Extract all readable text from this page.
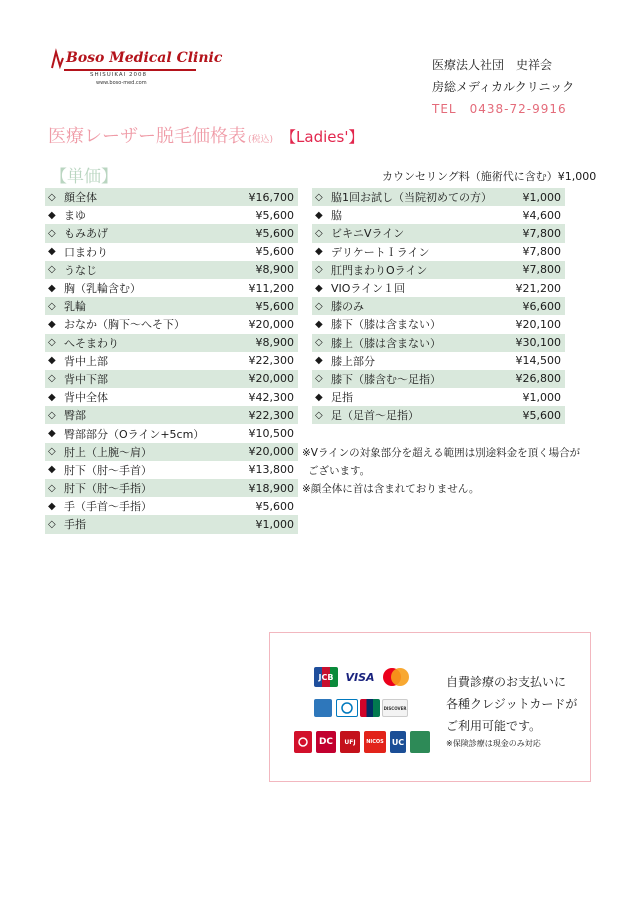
Boso Medical Clinic
SHISUIKAI 2008
www.boso-med.com
医療法人社団　史祥会
房総メディカルクリニック
TEL　0438-72-9916
医療レーザー脱毛価格表 (税込) 【Ladies'】
【単価】	カウンセリング料（施術代に含む）¥1,000
◇ 顔全体	¥16,700
◆ まゆ	¥5,600
◇ もみあげ	¥5,600
◆ 口まわり	¥5,600
◇ うなじ	¥8,900
◆ 胸（乳輪含む）	¥11,200
◇ 乳輪	¥5,600
◆ おなか（胸下～へそ下）	¥20,000
◇ へそまわり	¥8,900
◆ 背中上部	¥22,300
◇ 背中下部	¥20,000
◆ 背中全体	¥42,300
◇ 臀部	¥22,300
◆ 臀部部分（Oライン+5cm）	¥10,500
◇ 肘上（上腕～肩）	¥20,000
◆ 肘下（肘～手首）	¥13,800
◇ 肘下（肘～手指）	¥18,900
◆ 手（手首～手指）	¥5,600
◇ 手指	¥1,000
◇ 脇1回お試し（当院初めての方）	¥1,000
◆ 脇	¥4,600
◇ ビキニVライン	¥7,800
◆ デリケートＩライン	¥7,800
◇ 肛門まわりOライン	¥7,800
◆ VIOライン１回	¥21,200
◇ 膝のみ	¥6,600
◆ 膝下（膝は含まない）	¥20,100
◇ 膝上（膝は含まない）	¥30,100
◆ 膝上部分	¥14,500
◇ 膝下（膝含む～足指）	¥26,800
◆ 足指	¥1,000
◇ 足（足首～足指）	¥5,600
※Vラインの対象部分を超える範囲は別途料金を頂く場合が
ございます。
※顔全体に首は含まれておりません。
JCB	VISA
DISCOVER
DC	UFJ	NICOS UC
自費診療のお支払いに
各種クレジットカードが
ご利用可能です。
※保険診療は現金のみ対応
